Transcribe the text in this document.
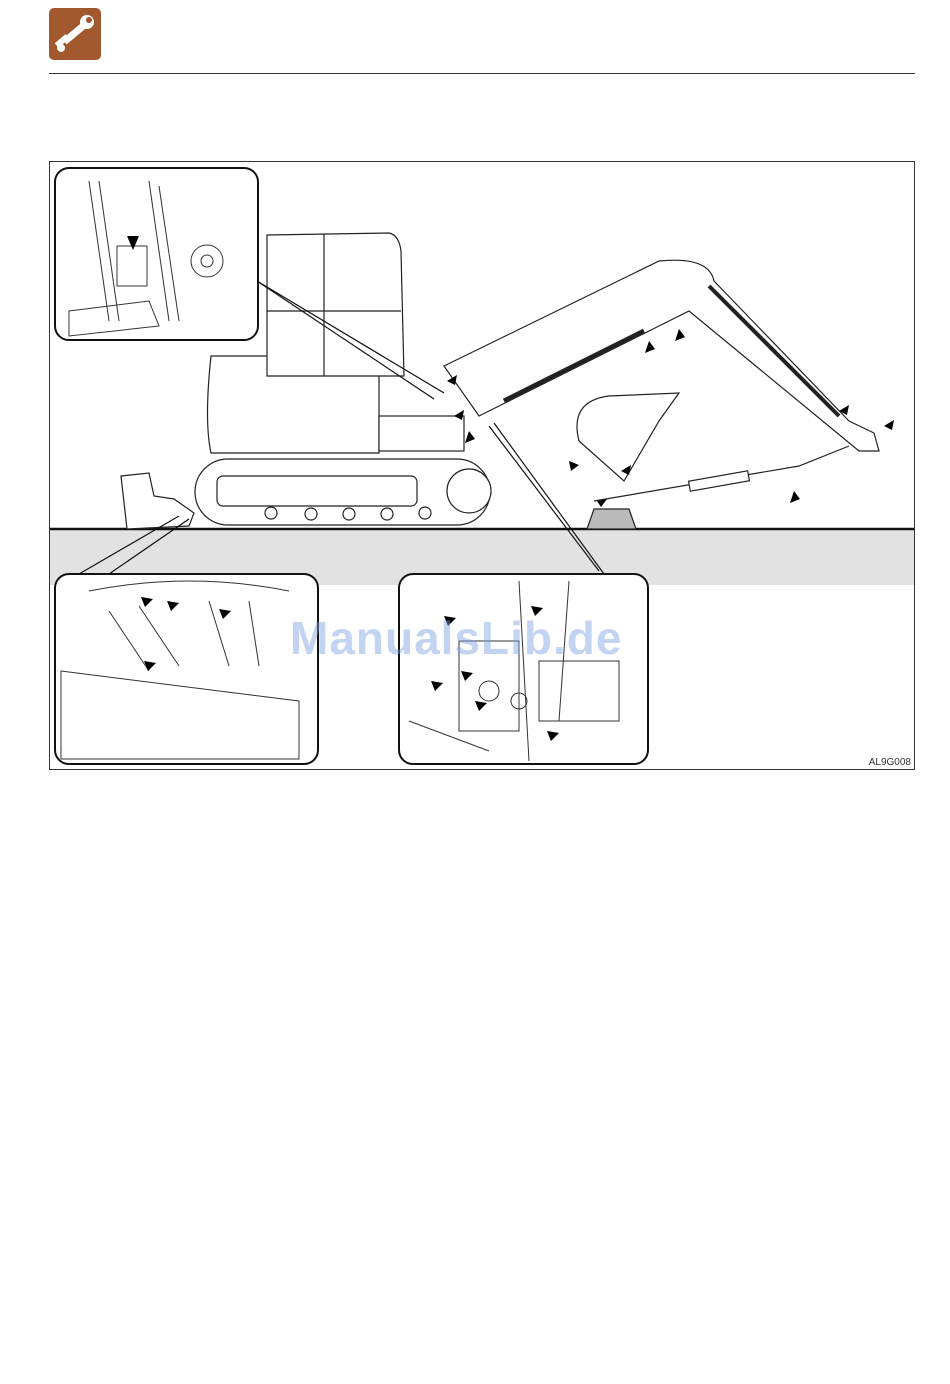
AL9G008
ManualsLib.de
